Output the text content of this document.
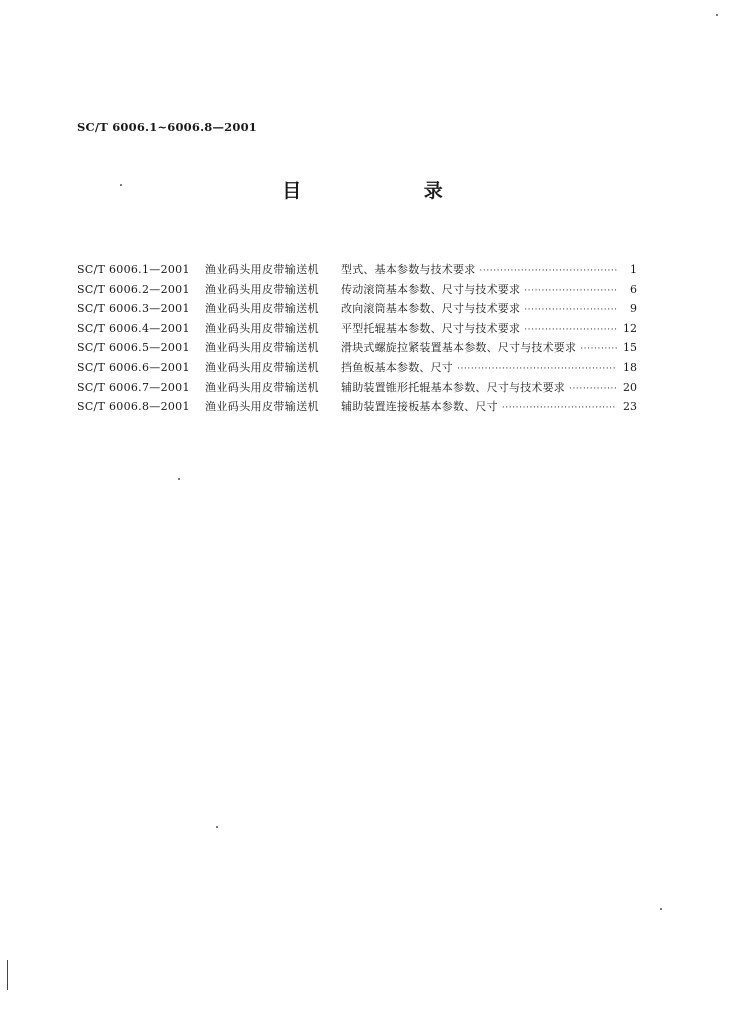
SC/T 6006.1~6006.8—2001
目 录
SC/T 6006.1—2001	渔业码头用皮带输送机	型式、基本参数与技术要求 ·····	1
SC/T 6006.2—2001	渔业码头用皮带输送机	传动滚筒基本参数、尺寸与技术要求 ·····	6
SC/T 6006.3—2001	渔业码头用皮带输送机	改向滚筒基本参数、尺寸与技术要求 ·····	9
SC/T 6006.4—2001	渔业码头用皮带输送机	平型托辊基本参数、尺寸与技术要求 ·····	12
SC/T 6006.5—2001	渔业码头用皮带输送机	滑块式螺旋拉紧装置基本参数、尺寸与技术要求 ·····	15
SC/T 6006.6—2001	渔业码头用皮带输送机	挡鱼板基本参数、尺寸 ·····	18
SC/T 6006.7—2001	渔业码头用皮带输送机	辅助装置锥形托辊基本参数、尺寸与技术要求 ·····	20
SC/T 6006.8—2001	渔业码头用皮带输送机	辅助装置连接板基本参数、尺寸 ·····	23
